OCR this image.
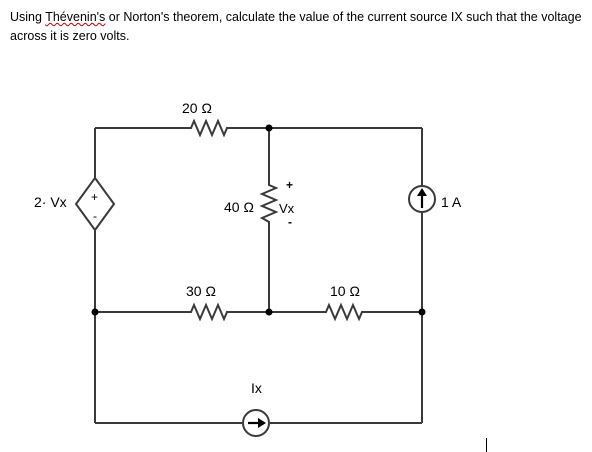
Using Thévenin's or Norton's theorem, calculate the value of the current source IX such that the voltage across it is zero volts.

20 Ω
40 Ω
30 Ω	10 Ω
+
-
2· Vx	1 A
Ix
+
Vx
-
